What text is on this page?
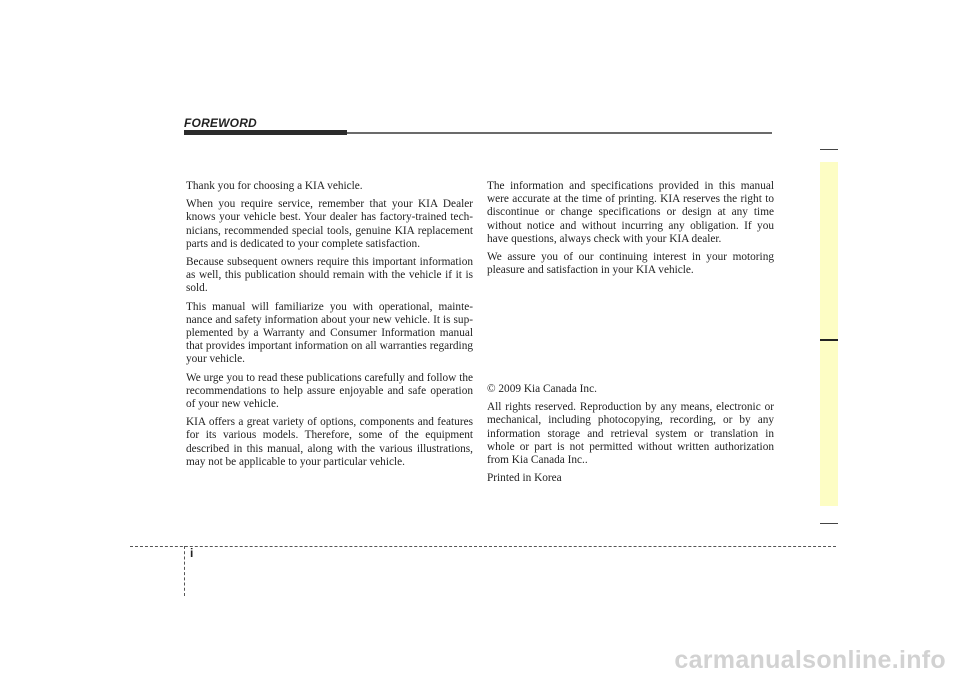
FOREWORD

Thank you for choosing a KIA vehicle.

When you require service, remember that your KIA Dealer knows your vehicle best. Your dealer has factory-trained tech-nicians, recommended special tools, genuine KIA replacement parts and is dedicated to your complete satisfaction.

Because subsequent owners require this important information as well, this publication should remain with the vehicle if it is sold.

This manual will familiarize you with operational, mainte-nance and safety information about your new vehicle. It is sup-plemented by a Warranty and Consumer Information manual that provides important information on all warranties regarding your vehicle.

We urge you to read these publications carefully and follow the recommendations to help assure enjoyable and safe operation of your new vehicle.

KIA offers a great variety of options, components and features for its various models. Therefore, some of the equipment described in this manual, along with the various illustrations, may not be applicable to your particular vehicle.

The information and specifications provided in this manual were accurate at the time of printing. KIA reserves the right to discontinue or change specifications or design at any time without notice and without incurring any obligation. If you have questions, always check with your KIA dealer.

We assure you of our continuing interest in your motoring pleasure and satisfaction in your KIA vehicle.

© 2009 Kia Canada Inc.

All rights reserved. Reproduction by any means, electronic or mechanical, including photocopying, recording, or by any information storage and retrieval system or translation in whole or part is not permitted without written authorization from Kia Canada Inc..

Printed in Korea

i
carmanualsonline.info
